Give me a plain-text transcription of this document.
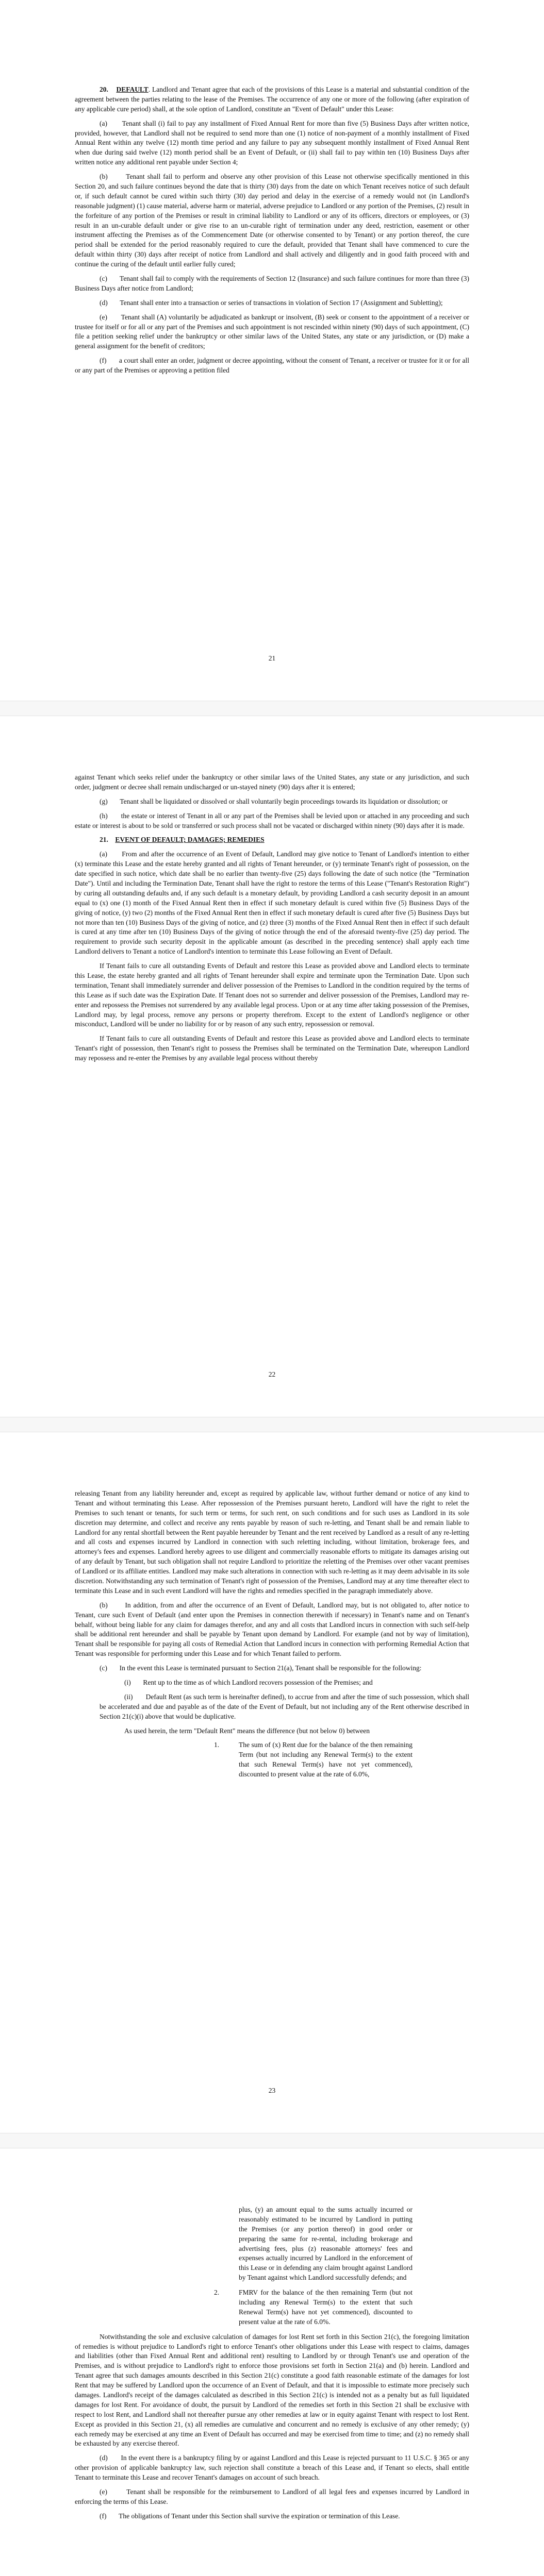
20. DEFAULT. Landlord and Tenant agree that each of the provisions of this Lease is a material and substantial condition of the agreement between the parties relating to the lease of the Premises. The occurrence of any one or more of the following (after expiration of any applicable cure period) shall, at the sole option of Landlord, constitute an "Event of Default" under this Lease:

(a) Tenant shall (i) fail to pay any installment of Fixed Annual Rent for more than five (5) Business Days after written notice, provided, however, that Landlord shall not be required to send more than one (1) notice of non-payment of a monthly installment of Fixed Annual Rent within any twelve (12) month time period and any failure to pay any subsequent monthly installment of Fixed Annual Rent when due during said twelve (12) month period shall be an Event of Default, or (ii) shall fail to pay within ten (10) Business Days after written notice any additional rent payable under Section 4;

(b)	Tenant shall fail to perform and observe any other provision of this Lease not otherwise specifically mentioned in this Section 20, and such failure continues beyond the date that is thirty (30) days from the date on which Tenant receives notice of such default or, if such default cannot be cured within such thirty (30) day period and delay in the exercise of a remedy would not (in Landlord's reasonable judgment) (1) cause material, adverse harm or material, adverse prejudice to Landlord or any portion of the Premises, (2) result in the forfeiture of any portion of the Premises or result in criminal liability to Landlord or any of its officers, directors or employees, or (3) result in an un-curable default under or give rise to an un-curable right of termination under any deed, restriction, easement or other instrument affecting the Premises as of the Commencement Date (or otherwise consented to by Tenant) or any portion thereof, the cure period shall be extended for the period reasonably required to cure the default, provided that Tenant shall have commenced to cure the default within thirty (30) days after receipt of notice from Landlord and shall actively and diligently and in good faith proceed with and continue the curing of the default until earlier fully cured;

(c) Tenant shall fail to comply with the requirements of Section 12 (Insurance) and such failure continues for more than three (3) Business Days after notice from Landlord;

(d) Tenant shall enter into a transaction or series of transactions in violation of Section 17 (Assignment and Subletting);

(e) Tenant shall (A) voluntarily be adjudicated as bankrupt or insolvent, (B) seek or consent to the appointment of a receiver or trustee for itself or for all or any part of the Premises and such appointment is not rescinded within ninety (90) days of such appointment, (C) file a petition seeking relief under the bankruptcy or other similar laws of the United States, any state or any jurisdiction, or (D) make a general assignment for the benefit of creditors;

(f) a court shall enter an order, judgment or decree appointing, without the consent of Tenant, a receiver or trustee for it or for all or any part of the Premises or approving a petition filed

21

against Tenant which seeks relief under the bankruptcy or other similar laws of the United States, any state or any jurisdiction, and such order, judgment or decree shall remain undischarged or un-stayed ninety (90) days after it is entered;

(g) Tenant shall be liquidated or dissolved or shall voluntarily begin proceedings towards its liquidation or dissolution; or

(h) the estate or interest of Tenant in all or any part of the Premises shall be levied upon or attached in any proceeding and such estate or interest is about to be sold or transferred or such process shall not be vacated or discharged within ninety (90) days after it is made.

21. EVENT OF DEFAULT; DAMAGES; REMEDIES

(a) From and after the occurrence of an Event of Default, Landlord may give notice to Tenant of Landlord's intention to either (x) terminate this Lease and the estate hereby granted and all rights of Tenant hereunder, or (y) terminate Tenant's right of possession, on the date specified in such notice, which date shall be no earlier than twenty-five (25) days following the date of such notice (the "Termination Date"). Until and including the Termination Date, Tenant shall have the right to restore the terms of this Lease ("Tenant's Restoration Right") by curing all outstanding defaults and, if any such default is a monetary default, by providing Landlord a cash security deposit in an amount equal to (x) one (1) month of the Fixed Annual Rent then in effect if such monetary default is cured within five (5) Business Days of the giving of notice, (y) two (2) months of the Fixed Annual Rent then in effect if such monetary default is cured after five (5) Business Days but not more than ten (10) Business Days of the giving of notice, and (z) three (3) months of the Fixed Annual Rent then in effect if such default is cured at any time after ten (10) Business Days of the giving of notice through the end of the aforesaid twenty-five (25) day period. The requirement to provide such security deposit in the applicable amount (as described in the preceding sentence) shall apply each time Landlord delivers to Tenant a notice of Landlord's intention to terminate this Lease following an Event of Default.

If Tenant fails to cure all outstanding Events of Default and restore this Lease as provided above and Landlord elects to terminate this Lease, the estate hereby granted and all rights of Tenant hereunder shall expire and terminate upon the Termination Date. Upon such termination, Tenant shall immediately surrender and deliver possession of the Premises to Landlord in the condition required by the terms of this Lease as if such date was the Expiration Date. If Tenant does not so surrender and deliver possession of the Premises, Landlord may re-enter and repossess the Premises not surrendered by any available legal process. Upon or at any time after taking possession of the Premises, Landlord may, by legal process, remove any persons or property therefrom. Except to the extent of Landlord's negligence or other misconduct, Landlord will be under no liability for or by reason of any such entry, repossession or removal.

If Tenant fails to cure all outstanding Events of Default and restore this Lease as provided above and Landlord elects to terminate Tenant's right of possession, then Tenant's right to possess the Premises shall be terminated on the Termination Date, whereupon Landlord may repossess and re-enter the Premises by any available legal process without thereby

22

releasing Tenant from any liability hereunder and, except as required by applicable law, without further demand or notice of any kind to Tenant and without terminating this Lease. After repossession of the Premises pursuant hereto, Landlord will have the right to relet the Premises to such tenant or tenants, for such term or terms, for such rent, on such conditions and for such uses as Landlord in its sole discretion may determine, and collect and receive any rents payable by reason of such re-letting, and Tenant shall be and remain liable to Landlord for any rental shortfall between the Rent payable hereunder by Tenant and the rent received by Landlord as a result of any re-letting and all costs and expenses incurred by Landlord in connection with such reletting including, without limitation, brokerage fees, and attorney's fees and expenses. Landlord hereby agrees to use diligent and commercially reasonable efforts to mitigate its damages arising out of any default by Tenant, but such obligation shall not require Landlord to prioritize the reletting of the Premises over other vacant premises of Landlord or its affiliate entities. Landlord may make such alterations in connection with such re-letting as it may deem advisable in its sole discretion. Notwithstanding any such termination of Tenant's right of possession of the Premises, Landlord may at any time thereafter elect to terminate this Lease and in such event Landlord will have the rights and remedies specified in the paragraph immediately above.

(b) In addition, from and after the occurrence of an Event of Default, Landlord may, but is not obligated to, after notice to Tenant, cure such Event of Default (and enter upon the Premises in connection therewith if necessary) in Tenant's name and on Tenant's behalf, without being liable for any claim for damages therefor, and any and all costs that Landlord incurs in connection with such self-help shall be additional rent hereunder and shall be payable by Tenant upon demand by Landlord. For example (and not by way of limitation), Tenant shall be responsible for paying all costs of Remedial Action that Landlord incurs in connection with performing Remedial Action that Tenant was responsible for performing under this Lease and for which Tenant failed to perform.

(c) In the event this Lease is terminated pursuant to Section 21(a), Tenant shall be responsible for the following:

(i) Rent up to the time as of which Landlord recovers possession of the Premises; and

(ii) Default Rent (as such term is hereinafter defined), to accrue from and after the time of such possession, which shall be accelerated and due and payable as of the date of the Event of Default, but not including any of the Rent otherwise described in Section 21(c)(i) above that would be duplicative.

As used herein, the term "Default Rent" means the difference (but not below 0) between

1.	The sum of (x) Rent due for the balance of the then remaining Term (but not including any Renewal Term(s) to the extent that such Renewal Term(s) have not yet commenced), discounted to present value at the rate of 6.0%,
23
plus, (y) an amount equal to the sums actually incurred or reasonably estimated to be incurred by Landlord in putting the Premises (or any portion thereof) in good order or preparing the same for re-rental, including brokerage and advertising fees, plus (z) reasonable attorneys' fees and expenses actually incurred by Landlord in the enforcement of this Lease or in defending any claim brought against Landlord by Tenant against which Landlord successfully defends; and
2.	FMRV for the balance of the then remaining Term (but not including any Renewal Term(s) to the extent that such Renewal Term(s) have not yet commenced), discounted to present value at the rate of 6.0%.

Notwithstanding the sole and exclusive calculation of damages for lost Rent set forth in this Section 21(c), the foregoing limitation of remedies is without prejudice to Landlord's right to enforce Tenant's other obligations under this Lease with respect to claims, damages and liabilities (other than Fixed Annual Rent and additional rent) resulting to Landlord by or through Tenant's use and operation of the Premises, and is without prejudice to Landlord's right to enforce those provisions set forth in Section 21(a) and (b) herein. Landlord and Tenant agree that such damages amounts described in this Section 21(c) constitute a good faith reasonable estimate of the damages for lost Rent that may be suffered by Landlord upon the occurrence of an Event of Default, and that it is impossible to estimate more precisely such damages. Landlord's receipt of the damages calculated as described in this Section 21(c) is intended not as a penalty but as full liquidated damages for lost Rent. For avoidance of doubt, the pursuit by Landlord of the remedies set forth in this Section 21 shall be exclusive with respect to lost Rent, and Landlord shall not thereafter pursue any other remedies at law or in equity against Tenant with respect to lost Rent. Except as provided in this Section 21, (x) all remedies are cumulative and concurrent and no remedy is exclusive of any other remedy; (y) each remedy may be exercised at any time an Event of Default has occurred and may be exercised from time to time; and (z) no remedy shall be exhausted by any exercise thereof.

(d) In the event there is a bankruptcy filing by or against Landlord and this Lease is rejected pursuant to 11 U.S.C. § 365 or any other provision of applicable bankruptcy law, such rejection shall constitute a breach of this Lease and, if Tenant so elects, shall entitle Tenant to terminate this Lease and recover Tenant's damages on account of such breach.

(e)	Tenant shall be responsible for the reimbursement to Landlord of all legal fees and expenses incurred by Landlord in enforcing the terms of this Lease.

(f) The obligations of Tenant under this Section shall survive the expiration or termination of this Lease.
